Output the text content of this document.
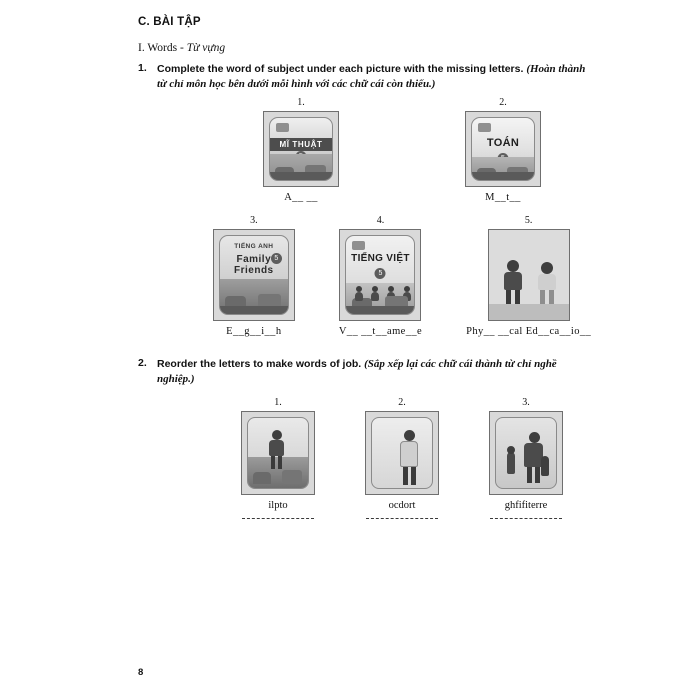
C. BÀI TẬP
I. Words - Từ vựng
1. Complete the word of subject under each picture with the missing letters. (Hoàn thành từ chỉ môn học bên dưới mỗi hình với các chữ cái còn thiếu.)
1.
MĨ THUẬT
A__ __
2.
TOÁN
M__t__
3.
TIẾNG ANH
Family Friends
5
E__g__i__h
4.
TIẾNG VIỆT
5
V__ __t__ame__e
5.
Phy__ __cal Ed__ca__io__
2. Reorder the letters to make words of job. (Sắp xếp lại các chữ cái thành từ chỉ nghề nghiệp.)
1.
ilpto
2.
ocdort
3.
ghfifiterre
8
